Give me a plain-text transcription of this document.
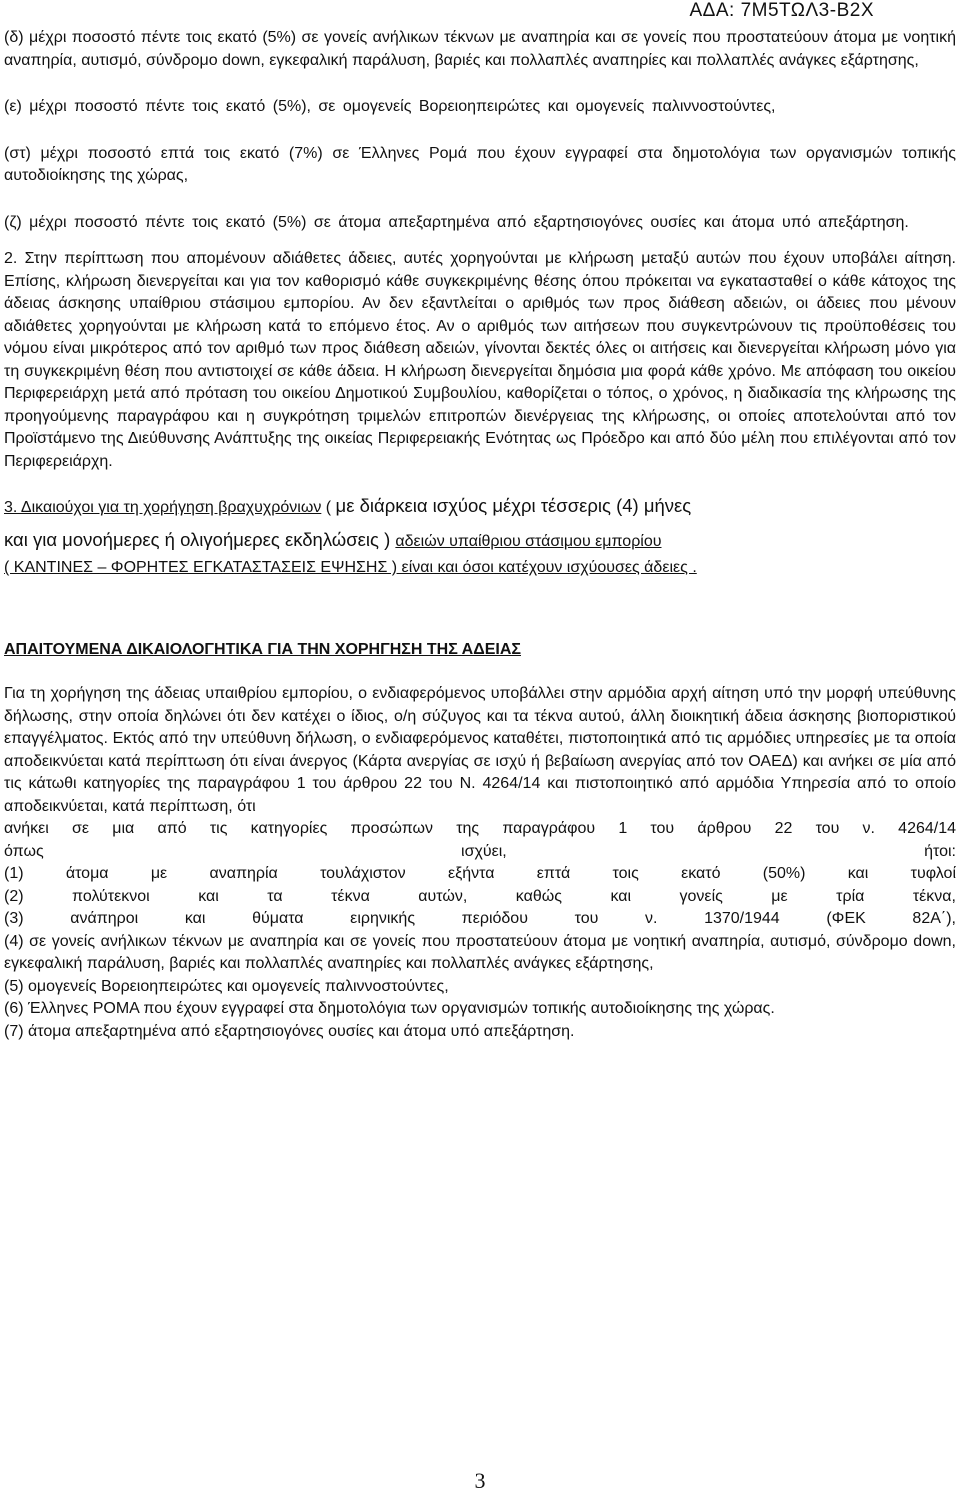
ΑΔΑ: 7Μ5ΤΩΛ3-Β2Χ

(δ) μέχρι ποσοστό πέντε τοις εκατό (5%) σε γονείς ανήλικων τέκνων με αναπηρία και σε γονείς που προστατεύουν άτομα με νοητική αναπηρία, αυτισμό, σύνδρομο down, εγκεφαλική παράλυση, βαριές και πολλαπλές αναπηρίες και πολλαπλές ανάγκες εξάρτησης,

(ε) μέχρι ποσοστό πέντε τοις εκατό (5%), σε ομογενείς Βορειοηπειρώτες και ομογενείς παλιννοστούντες,

(στ) μέχρι ποσοστό επτά τοις εκατό (7%) σε Έλληνες Ρομά που έχουν εγγραφεί στα δημοτολόγια των οργανισμών τοπικής αυτοδιοίκησης της χώρας,

(ζ) μέχρι ποσοστό πέντε τοις εκατό (5%) σε άτομα απεξαρτημένα από εξαρτησιογόνες ουσίες και άτομα υπό απεξάρτηση.

2. Στην περίπτωση που απομένουν αδιάθετες άδειες, αυτές χορηγούνται με κλήρωση μεταξύ αυτών που έχουν υποβάλει αίτηση. Επίσης, κλήρωση διενεργείται και για τον καθορισμό κάθε συγκεκριμένης θέσης όπου πρόκειται να εγκατασταθεί ο κάθε κάτοχος της άδειας άσκησης υπαίθριου στάσιμου εμπορίου. Αν δεν εξαντλείται ο αριθμός των προς διάθεση αδειών, οι άδειες που μένουν αδιάθετες χορηγούνται με κλήρωση κατά το επόμενο έτος. Αν ο αριθμός των αιτήσεων που συγκεντρώνουν τις προϋποθέσεις του νόμου είναι μικρότερος από τον αριθμό των προς διάθεση αδειών, γίνονται δεκτές όλες οι αιτήσεις και διενεργείται κλήρωση μόνο για τη συγκεκριμένη θέση που αντιστοιχεί σε κάθε άδεια. Η κλήρωση διενεργείται δημόσια μια φορά κάθε χρόνο. Με απόφαση του οικείου Περιφερειάρχη μετά από πρόταση του οικείου Δημοτικού Συμβουλίου, καθορίζεται ο τόπος, ο χρόνος, η διαδικασία της κλήρωσης της προηγούμενης παραγράφου και η συγκρότηση τριμελών επιτροπών διενέργειας της κλήρωσης, οι οποίες αποτελούνται από τον Προϊστάμενο της Διεύθυνσης Ανάπτυξης της οικείας Περιφερειακής Ενότητας ως Πρόεδρο και από δύο μέλη που επιλέγονται από τον Περιφερειάρχη.

3. Δικαιούχοι για τη χορήγηση βραχυχρόνιων ( με διάρκεια ισχύος μέχρι τέσσερις (4) μήνες
και για μονοήμερες ή ολιγοήμερες εκδηλώσεις ) αδειών υπαίθριου στάσιμου εμπορίου
( ΚΑΝΤΙΝΕΣ – ΦΟΡΗΤΕΣ ΕΓΚΑΤΑΣΤΑΣΕΙΣ ΕΨΗΣΗΣ ) είναι και όσοι κατέχουν ισχύουσες άδειες .
ΑΠΑΙΤΟΥΜΕΝΑ ΔΙΚΑΙΟΛΟΓΗΤΙΚΑ ΓΙΑ ΤΗΝ ΧΟΡΗΓΗΣΗ ΤΗΣ ΑΔΕΙΑΣ
Για τη χορήγηση της άδειας υπαιθρίου εμπορίου, ο ενδιαφερόμενος υποβάλλει στην αρμόδια αρχή αίτηση υπό την μορφή υπεύθυνης δήλωσης, στην οποία δηλώνει ότι δεν κατέχει ο ίδιος, ο/η σύζυγος και τα τέκνα αυτού, άλλη διοικητική άδεια άσκησης βιοποριστικού επαγγέλματος. Εκτός από την υπεύθυνη δήλωση, ο ενδιαφερόμενος καταθέτει, πιστοποιητικά από τις αρμόδιες υπηρεσίες με τα οποία αποδεικνύεται κατά περίπτωση ότι είναι άνεργος (Κάρτα ανεργίας σε ισχύ ή βεβαίωση ανεργίας από τον ΟΑΕΔ) και ανήκει σε μία από τις κάτωθι κατηγορίες της παραγράφου 1 του άρθρου 22 του Ν. 4264/14 και πιστοποιητικό από αρμόδια Υπηρεσία από το οποίο αποδεικνύεται, κατά περίπτωση, ότι
ανήκει σε μια από τις κατηγορίες προσώπων της παραγράφου 1 του άρθρου 22 του ν. 4264/14
όπως	ισχύει,	ήτοι:
(1) άτομα με αναπηρία τουλάχιστον εξήντα επτά τοις εκατό (50%) και τυφλοί
(2) πολύτεκνοι και τα τέκνα αυτών, καθώς και γονείς με τρία τέκνα,
(3) ανάπηροι και θύματα ειρηνικής περιόδου του ν. 1370/1944 (ΦΕΚ 82Α΄),
(4) σε γονείς ανήλικων τέκνων με αναπηρία και σε γονείς που προστατεύουν άτομα με νοητική αναπηρία, αυτισμό, σύνδρομο down, εγκεφαλική παράλυση, βαριές και πολλαπλές αναπηρίες και πολλαπλές ανάγκες εξάρτησης,
(5) ομογενείς Βορειοηπειρώτες και ομογενείς παλιννοστούντες,
(6) Έλληνες ΡΟΜΑ που έχουν εγγραφεί στα δημοτολόγια των οργανισμών τοπικής αυτοδιοίκησης της χώρας.
(7) άτομα απεξαρτημένα από εξαρτησιογόνες ουσίες και άτομα υπό απεξάρτηση.
3
